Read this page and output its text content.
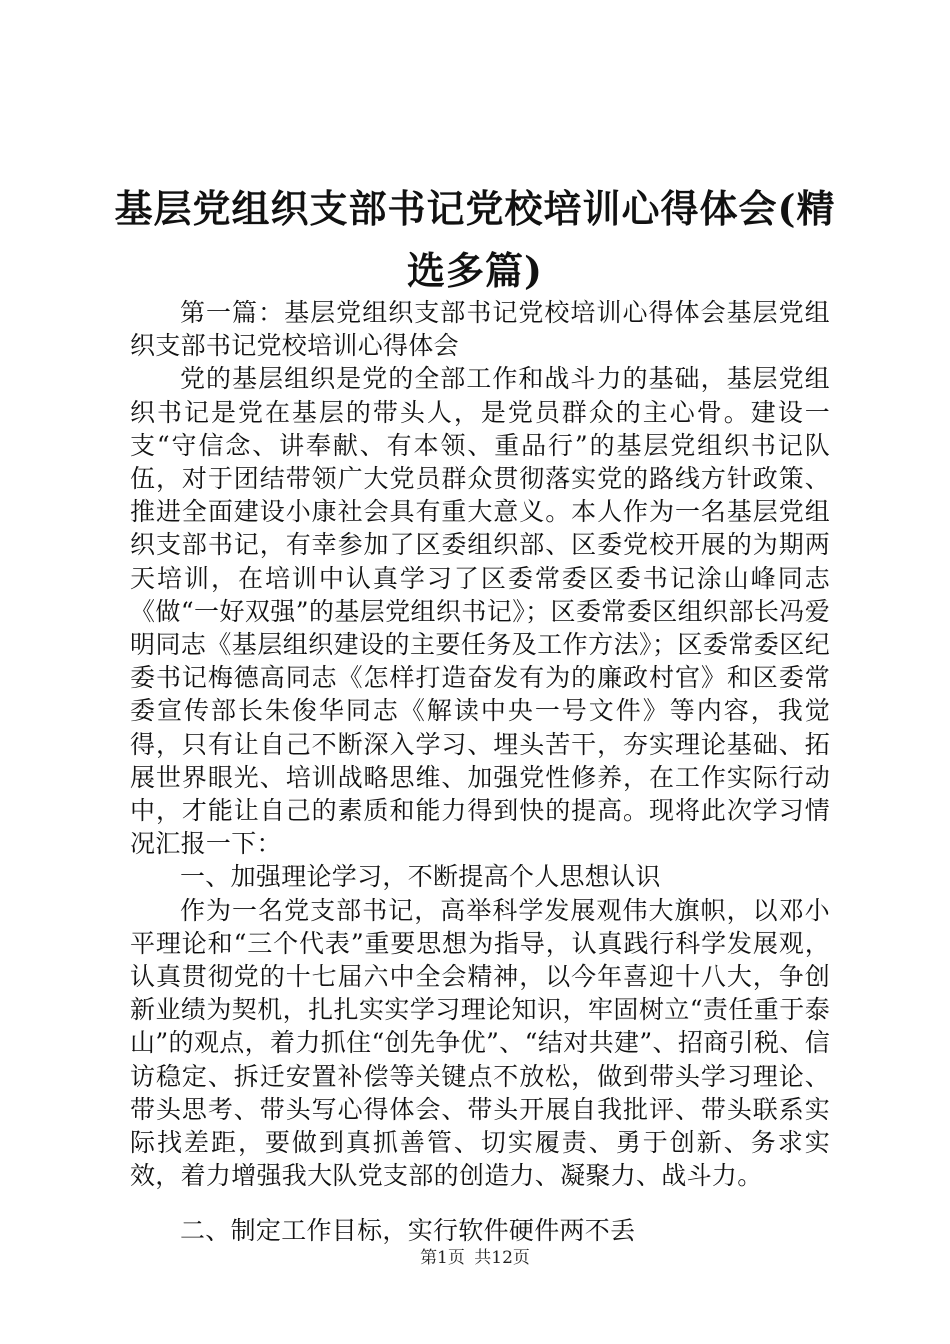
基层党组织支部书记党校培训心得体会(精选多篇)

第一篇：基层党组织支部书记党校培训心得体会基层党组织支部书记党校培训心得体会

党的基层组织是党的全部工作和战斗力的基础，基层党组织书记是党在基层的带头人，是党员群众的主心骨。建设一支“守信念、讲奉献、有本领、重品行”的基层党组织书记队伍，对于团结带领广大党员群众贯彻落实党的路线方针政策、推进全面建设小康社会具有重大意义。本人作为一名基层党组织支部书记，有幸参加了区委组织部、区委党校开展的为期两天培训，在培训中认真学习了区委常委区委书记涂山峰同志《做“一好双强”的基层党组织书记》；区委常委区组织部长冯爱明同志《基层组织建设的主要任务及工作方法》；区委常委区纪委书记梅德高同志《怎样打造奋发有为的廉政村官》和区委常委宣传部长朱俊华同志《解读中央一号文件》等内容，我觉得，只有让自己不断深入学习、埋头苦干，夯实理论基础、拓展世界眼光、培训战略思维、加强党性修养，在工作实际行动中，才能让自己的素质和能力得到快的提高。现将此次学习情况汇报一下：

一、加强理论学习，不断提高个人思想认识

作为一名党支部书记，高举科学发展观伟大旗帜，以邓小平理论和“三个代表”重要思想为指导，认真践行科学发展观，认真贯彻党的十七届六中全会精神，以今年喜迎十八大，争创新业绩为契机，扎扎实实学习理论知识，牢固树立“责任重于泰山”的观点，着力抓住“创先争优”、“结对共建”、招商引税、信访稳定、拆迁安置补偿等关键点不放松，做到带头学习理论、带头思考、带头写心得体会、带头开展自我批评、带头联系实际找差距，要做到真抓善管、切实履责、勇于创新、务求实效，着力增强我大队党支部的创造力、凝聚力、战斗力。

二、制定工作目标，实行软件硬件两不丢

第1页 共12页
